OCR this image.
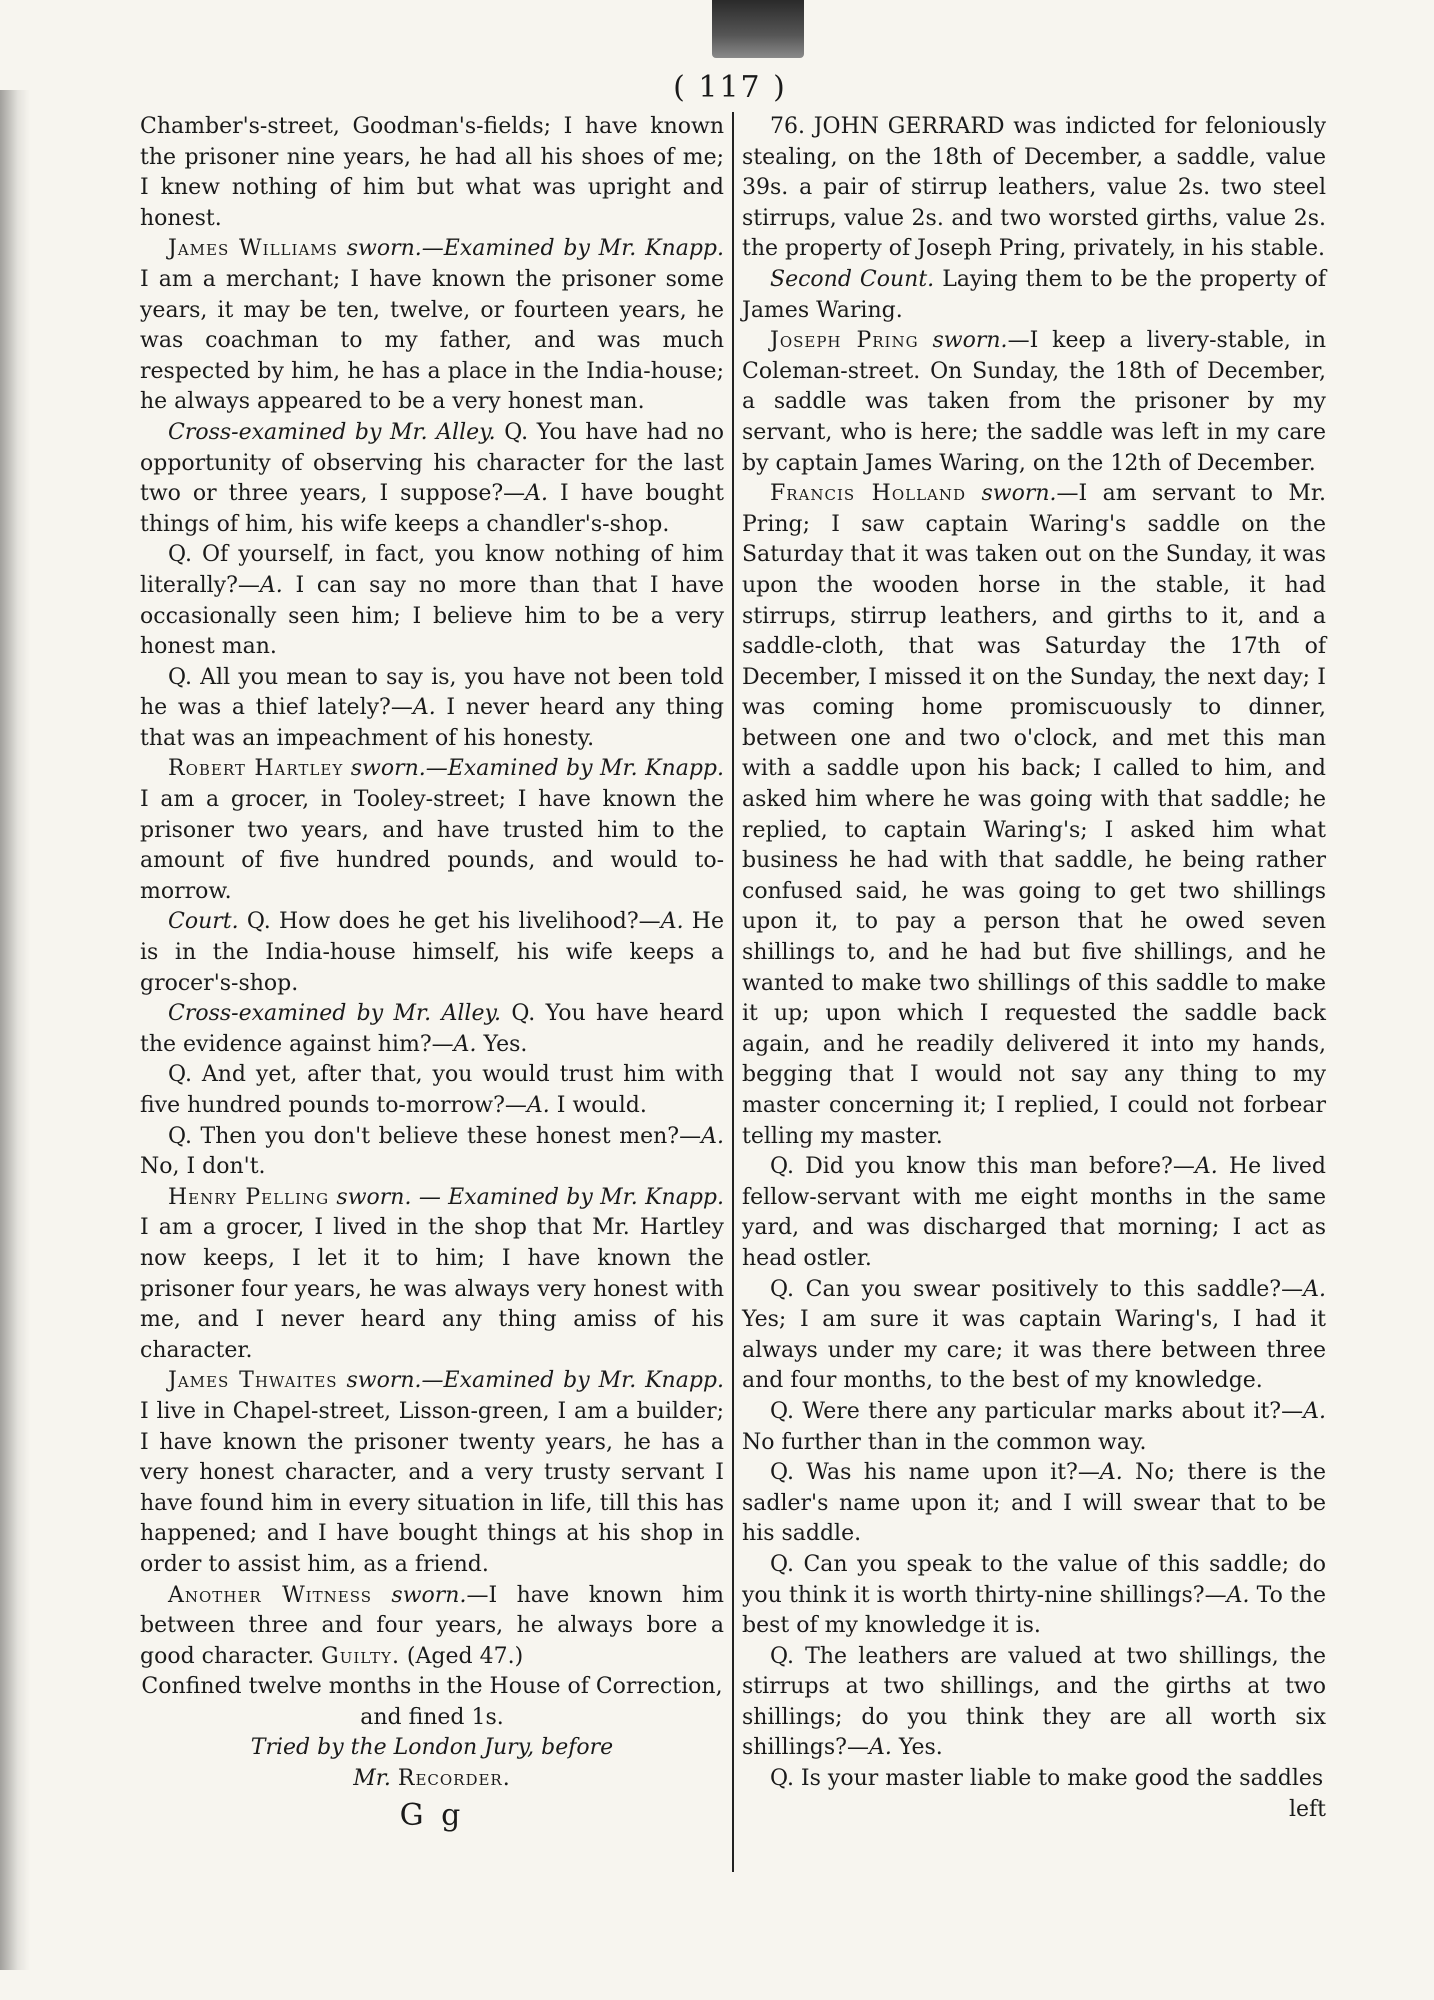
( 117 )

Chamber's-street, Goodman's-fields; I have known the prisoner nine years, he had all his shoes of me; I knew nothing of him but what was upright and honest.

James Williams sworn.—Examined by Mr. Knapp. I am a merchant; I have known the prisoner some years, it may be ten, twelve, or fourteen years, he was coachman to my father, and was much respected by him, he has a place in the India-house; he always appeared to be a very honest man.

Cross-examined by Mr. Alley. Q. You have had no opportunity of observing his character for the last two or three years, I suppose?—A. I have bought things of him, his wife keeps a chandler's-shop.

Q. Of yourself, in fact, you know nothing of him literally?—A. I can say no more than that I have occasionally seen him; I believe him to be a very honest man.

Q. All you mean to say is, you have not been told he was a thief lately?—A. I never heard any thing that was an impeachment of his honesty.

Robert Hartley sworn.—Examined by Mr. Knapp. I am a grocer, in Tooley-street; I have known the prisoner two years, and have trusted him to the amount of five hundred pounds, and would to-morrow.

Court. Q. How does he get his livelihood?—A. He is in the India-house himself, his wife keeps a grocer's-shop.

Cross-examined by Mr. Alley. Q. You have heard the evidence against him?—A. Yes.

Q. And yet, after that, you would trust him with five hundred pounds to-morrow?—A. I would.

Q. Then you don't believe these honest men?—A. No, I don't.

Henry Pelling sworn. — Examined by Mr. Knapp. I am a grocer, I lived in the shop that Mr. Hartley now keeps, I let it to him; I have known the prisoner four years, he was always very honest with me, and I never heard any thing amiss of his character.

James Thwaites sworn.—Examined by Mr. Knapp. I live in Chapel-street, Lisson-green, I am a builder; I have known the prisoner twenty years, he has a very honest character, and a very trusty servant I have found him in every situation in life, till this has happened; and I have bought things at his shop in order to assist him, as a friend.

Another Witness sworn.—I have known him between three and four years, he always bore a good character. Guilty. (Aged 47.)

Confined twelve months in the House of Correction, and fined 1s.

Tried by the London Jury, before

Mr. Recorder.

G g

76. JOHN GERRARD was indicted for feloniously stealing, on the 18th of December, a saddle, value 39s. a pair of stirrup leathers, value 2s. two steel stirrups, value 2s. and two worsted girths, value 2s. the property of Joseph Pring, privately, in his stable.

Second Count. Laying them to be the property of James Waring.

Joseph Pring sworn.—I keep a livery-stable, in Coleman-street. On Sunday, the 18th of December, a saddle was taken from the prisoner by my servant, who is here; the saddle was left in my care by captain James Waring, on the 12th of December.

Francis Holland sworn.—I am servant to Mr. Pring; I saw captain Waring's saddle on the Saturday that it was taken out on the Sunday, it was upon the wooden horse in the stable, it had stirrups, stirrup leathers, and girths to it, and a saddle-cloth, that was Saturday the 17th of December, I missed it on the Sunday, the next day; I was coming home promiscuously to dinner, between one and two o'clock, and met this man with a saddle upon his back; I called to him, and asked him where he was going with that saddle; he replied, to captain Waring's; I asked him what business he had with that saddle, he being rather confused said, he was going to get two shillings upon it, to pay a person that he owed seven shillings to, and he had but five shillings, and he wanted to make two shillings of this saddle to make it up; upon which I requested the saddle back again, and he readily delivered it into my hands, begging that I would not say any thing to my master concerning it; I replied, I could not forbear telling my master.

Q. Did you know this man before?—A. He lived fellow-servant with me eight months in the same yard, and was discharged that morning; I act as head ostler.

Q. Can you swear positively to this saddle?—A. Yes; I am sure it was captain Waring's, I had it always under my care; it was there between three and four months, to the best of my knowledge.

Q. Were there any particular marks about it?—A. No further than in the common way.

Q. Was his name upon it?—A. No; there is the sadler's name upon it; and I will swear that to be his saddle.

Q. Can you speak to the value of this saddle; do you think it is worth thirty-nine shillings?—A. To the best of my knowledge it is.

Q. The leathers are valued at two shillings, the stirrups at two shillings, and the girths at two shillings; do you think they are all worth six shillings?—A. Yes.

Q. Is your master liable to make good the saddles

left
